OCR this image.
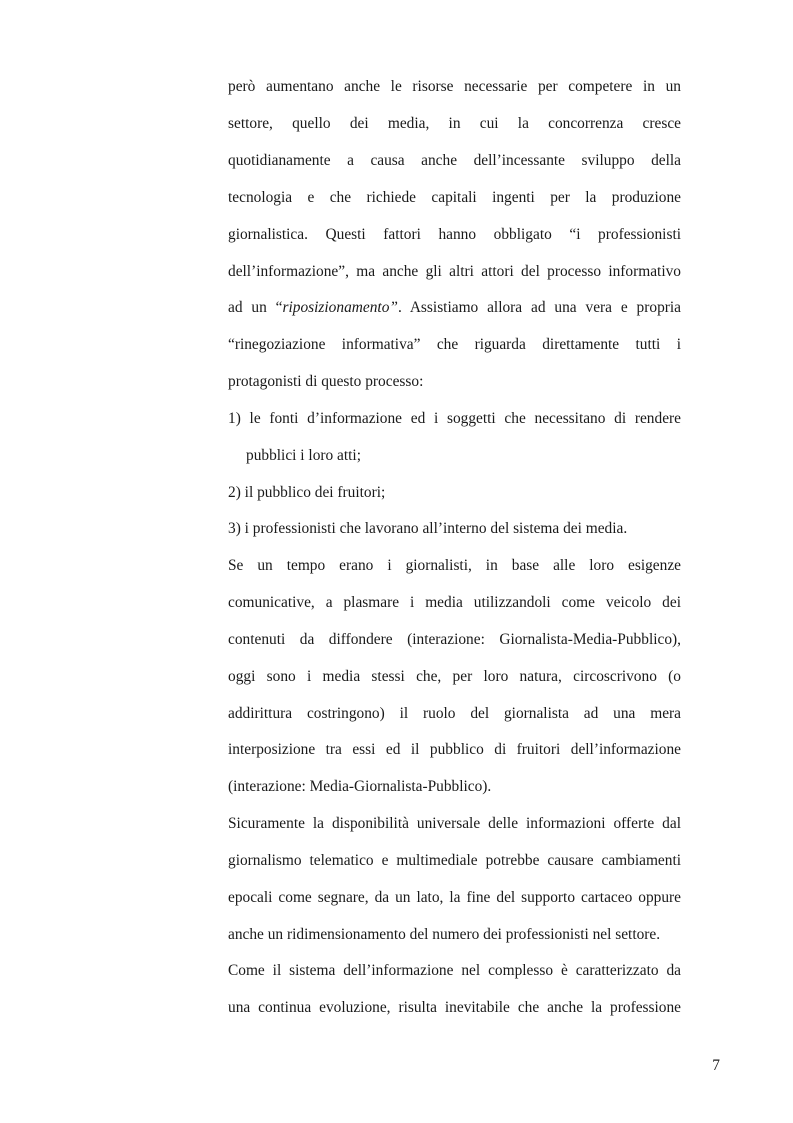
però aumentano anche le risorse necessarie per competere in un
settore, quello dei media, in cui la concorrenza cresce
quotidianamente a causa anche dell’incessante sviluppo della
tecnologia e che richiede capitali ingenti per la produzione
giornalistica. Questi fattori hanno obbligato “i professionisti
dell’informazione”, ma anche gli altri attori del processo informativo
ad un “riposizionamento”. Assistiamo allora ad una vera e propria
“rinegoziazione informativa” che riguarda direttamente tutti i
protagonisti di questo processo:
1) le fonti d’informazione ed i soggetti che necessitano di rendere
pubblici i loro atti;
2) il pubblico dei fruitori;
3) i professionisti che lavorano all’interno del sistema dei media.
Se un tempo erano i giornalisti, in base alle loro esigenze
comunicative, a plasmare i media utilizzandoli come veicolo dei
contenuti da diffondere (interazione: Giornalista-Media-Pubblico),
oggi sono i media stessi che, per loro natura, circoscrivono (o
addirittura costringono) il ruolo del giornalista ad una mera
interposizione tra essi ed il pubblico di fruitori dell’informazione
(interazione: Media-Giornalista-Pubblico).
Sicuramente la disponibilità universale delle informazioni offerte dal
giornalismo telematico e multimediale potrebbe causare cambiamenti
epocali come segnare, da un lato, la fine del supporto cartaceo oppure
anche un ridimensionamento del numero dei professionisti nel settore.
Come il sistema dell’informazione nel complesso è caratterizzato da
una continua evoluzione, risulta inevitabile che anche la professione
7
